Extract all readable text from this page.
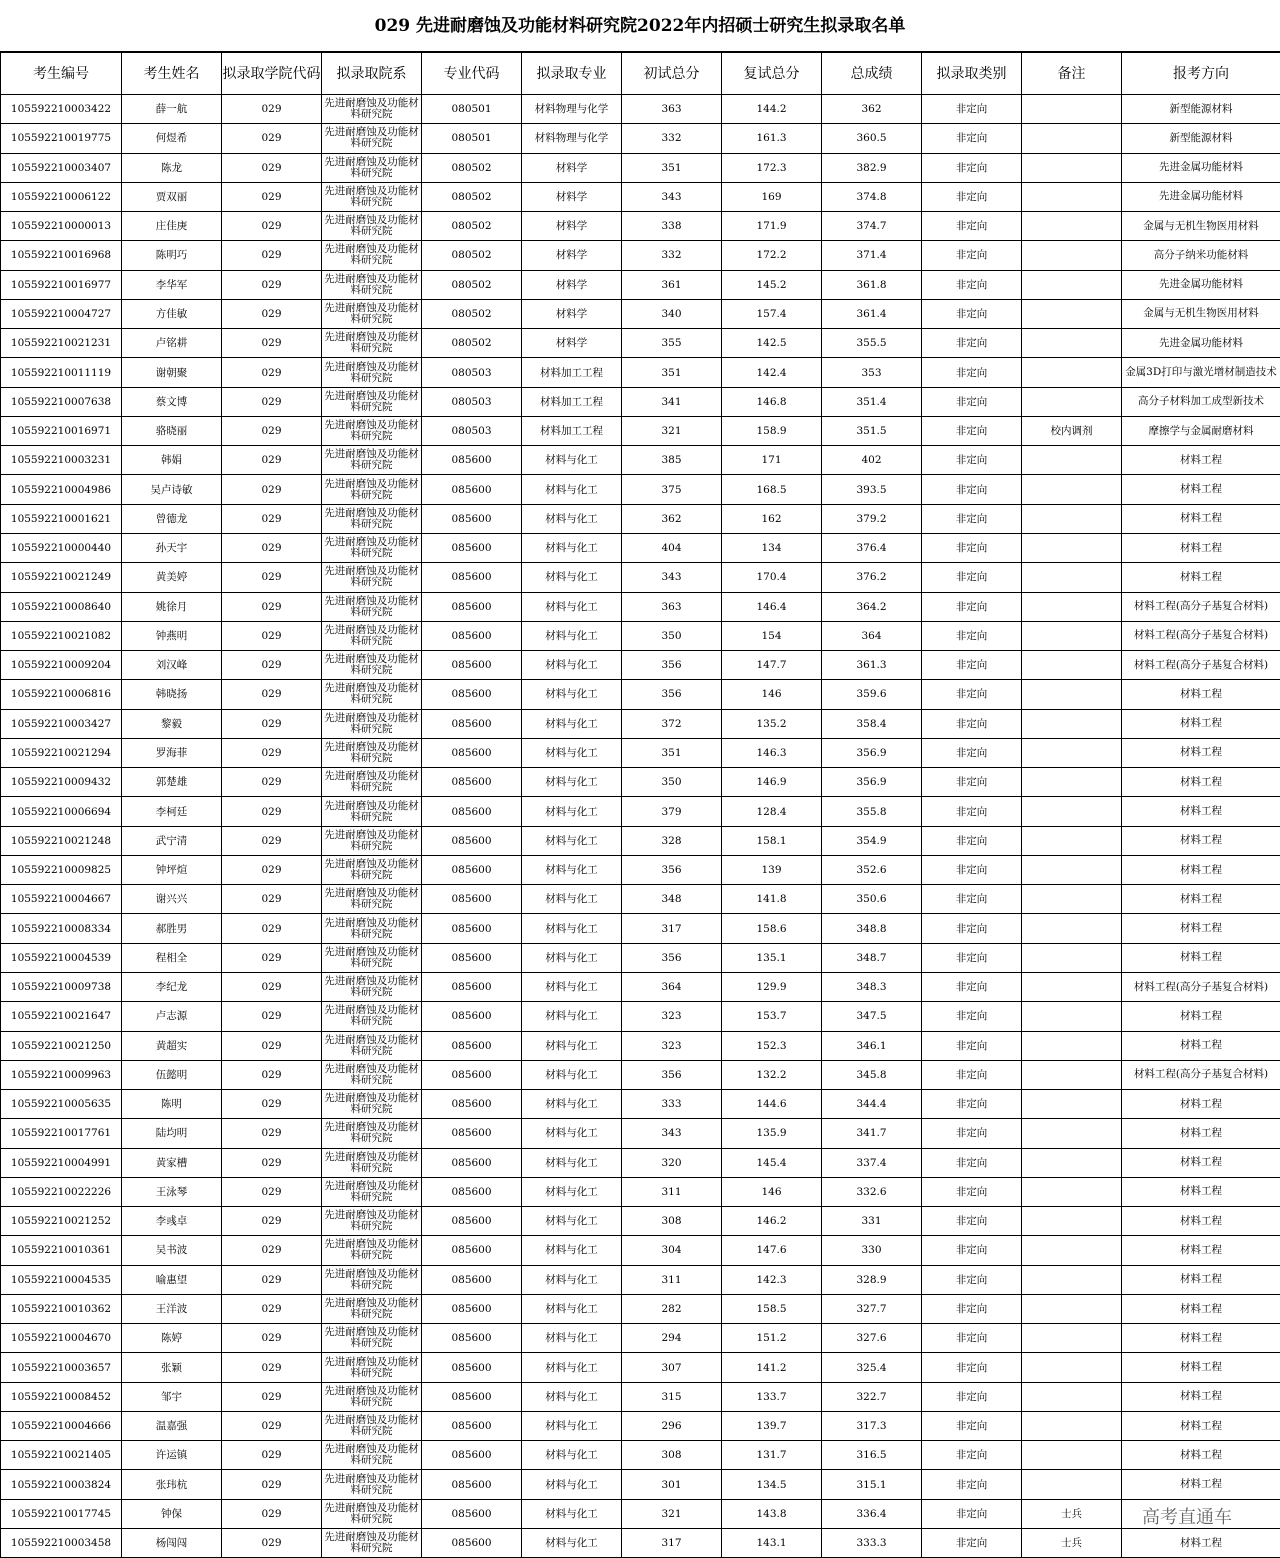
029 先进耐磨蚀及功能材料研究院2022年内招硕士研究生拟录取名单
考生编号	考生姓名	拟录取学院代码	拟录取院系	专业代码	拟录取专业	初试总分	复试总分	总成绩	拟录取类别	备注	报考方向
105592210003422	薛一航	029	先进耐磨蚀及功能材料研究院	080501	材料物理与化学	363	144.2	362	非定向		新型能源材料
105592210019775	何煜希	029	先进耐磨蚀及功能材料研究院	080501	材料物理与化学	332	161.3	360.5	非定向		新型能源材料
105592210003407	陈龙	029	先进耐磨蚀及功能材料研究院	080502	材料学	351	172.3	382.9	非定向		先进金属功能材料
105592210006122	贾双丽	029	先进耐磨蚀及功能材料研究院	080502	材料学	343	169	374.8	非定向		先进金属功能材料
105592210000013	庄佳庚	029	先进耐磨蚀及功能材料研究院	080502	材料学	338	171.9	374.7	非定向		金属与无机生物医用材料
105592210016968	陈明巧	029	先进耐磨蚀及功能材料研究院	080502	材料学	332	172.2	371.4	非定向		高分子纳米功能材料
105592210016977	李华军	029	先进耐磨蚀及功能材料研究院	080502	材料学	361	145.2	361.8	非定向		先进金属功能材料
105592210004727	方佳敏	029	先进耐磨蚀及功能材料研究院	080502	材料学	340	157.4	361.4	非定向		金属与无机生物医用材料
105592210021231	卢铭耕	029	先进耐磨蚀及功能材料研究院	080502	材料学	355	142.5	355.5	非定向		先进金属功能材料
105592210011119	谢朝聚	029	先进耐磨蚀及功能材料研究院	080503	材料加工工程	351	142.4	353	非定向		金属3D打印与激光增材制造技术
105592210007638	蔡文博	029	先进耐磨蚀及功能材料研究院	080503	材料加工工程	341	146.8	351.4	非定向		高分子材料加工成型新技术
105592210016971	骆晓丽	029	先进耐磨蚀及功能材料研究院	080503	材料加工工程	321	158.9	351.5	非定向	校内调剂	摩擦学与金属耐磨材料
105592210003231	韩娟	029	先进耐磨蚀及功能材料研究院	085600	材料与化工	385	171	402	非定向		材料工程
105592210004986	吴卢诗敏	029	先进耐磨蚀及功能材料研究院	085600	材料与化工	375	168.5	393.5	非定向		材料工程
105592210001621	曾德龙	029	先进耐磨蚀及功能材料研究院	085600	材料与化工	362	162	379.2	非定向		材料工程
105592210000440	孙天宇	029	先进耐磨蚀及功能材料研究院	085600	材料与化工	404	134	376.4	非定向		材料工程
105592210021249	黄美婷	029	先进耐磨蚀及功能材料研究院	085600	材料与化工	343	170.4	376.2	非定向		材料工程
105592210008640	姚徐月	029	先进耐磨蚀及功能材料研究院	085600	材料与化工	363	146.4	364.2	非定向		材料工程(高分子基复合材料)
105592210021082	钟燕明	029	先进耐磨蚀及功能材料研究院	085600	材料与化工	350	154	364	非定向		材料工程(高分子基复合材料)
105592210009204	刘汉峰	029	先进耐磨蚀及功能材料研究院	085600	材料与化工	356	147.7	361.3	非定向		材料工程(高分子基复合材料)
105592210006816	韩晓扬	029	先进耐磨蚀及功能材料研究院	085600	材料与化工	356	146	359.6	非定向		材料工程
105592210003427	黎毅	029	先进耐磨蚀及功能材料研究院	085600	材料与化工	372	135.2	358.4	非定向		材料工程
105592210021294	罗海菲	029	先进耐磨蚀及功能材料研究院	085600	材料与化工	351	146.3	356.9	非定向		材料工程
105592210009432	郭楚雄	029	先进耐磨蚀及功能材料研究院	085600	材料与化工	350	146.9	356.9	非定向		材料工程
105592210006694	李柯廷	029	先进耐磨蚀及功能材料研究院	085600	材料与化工	379	128.4	355.8	非定向		材料工程
105592210021248	武宁清	029	先进耐磨蚀及功能材料研究院	085600	材料与化工	328	158.1	354.9	非定向		材料工程
105592210009825	钟坪煊	029	先进耐磨蚀及功能材料研究院	085600	材料与化工	356	139	352.6	非定向		材料工程
105592210004667	谢兴兴	029	先进耐磨蚀及功能材料研究院	085600	材料与化工	348	141.8	350.6	非定向		材料工程
105592210008334	郝胜男	029	先进耐磨蚀及功能材料研究院	085600	材料与化工	317	158.6	348.8	非定向		材料工程
105592210004539	程相全	029	先进耐磨蚀及功能材料研究院	085600	材料与化工	356	135.1	348.7	非定向		材料工程
105592210009738	李纪龙	029	先进耐磨蚀及功能材料研究院	085600	材料与化工	364	129.9	348.3	非定向		材料工程(高分子基复合材料)
105592210021647	卢志源	029	先进耐磨蚀及功能材料研究院	085600	材料与化工	323	153.7	347.5	非定向		材料工程
105592210021250	黄超实	029	先进耐磨蚀及功能材料研究院	085600	材料与化工	323	152.3	346.1	非定向		材料工程
105592210009963	伍懿明	029	先进耐磨蚀及功能材料研究院	085600	材料与化工	356	132.2	345.8	非定向		材料工程(高分子基复合材料)
105592210005635	陈明	029	先进耐磨蚀及功能材料研究院	085600	材料与化工	333	144.6	344.4	非定向		材料工程
105592210017761	陆均明	029	先进耐磨蚀及功能材料研究院	085600	材料与化工	343	135.9	341.7	非定向		材料工程
105592210004991	黄家槽	029	先进耐磨蚀及功能材料研究院	085600	材料与化工	320	145.4	337.4	非定向		材料工程
105592210022226	王泳琴	029	先进耐磨蚀及功能材料研究院	085600	材料与化工	311	146	332.6	非定向		材料工程
105592210021252	李彧卓	029	先进耐磨蚀及功能材料研究院	085600	材料与化工	308	146.2	331	非定向		材料工程
105592210010361	吴书波	029	先进耐磨蚀及功能材料研究院	085600	材料与化工	304	147.6	330	非定向		材料工程
105592210004535	喻惠望	029	先进耐磨蚀及功能材料研究院	085600	材料与化工	311	142.3	328.9	非定向		材料工程
105592210010362	王洋波	029	先进耐磨蚀及功能材料研究院	085600	材料与化工	282	158.5	327.7	非定向		材料工程
105592210004670	陈婷	029	先进耐磨蚀及功能材料研究院	085600	材料与化工	294	151.2	327.6	非定向		材料工程
105592210003657	张颖	029	先进耐磨蚀及功能材料研究院	085600	材料与化工	307	141.2	325.4	非定向		材料工程
105592210008452	邹宇	029	先进耐磨蚀及功能材料研究院	085600	材料与化工	315	133.7	322.7	非定向		材料工程
105592210004666	温嘉强	029	先进耐磨蚀及功能材料研究院	085600	材料与化工	296	139.7	317.3	非定向		材料工程
105592210021405	许运镇	029	先进耐磨蚀及功能材料研究院	085600	材料与化工	308	131.7	316.5	非定向		材料工程
105592210003824	张玮杭	029	先进耐磨蚀及功能材料研究院	085600	材料与化工	301	134.5	315.1	非定向		材料工程
105592210017745	钟保	029	先进耐磨蚀及功能材料研究院	085600	材料与化工	321	143.8	336.4	非定向	士兵	
105592210003458	杨闯闯	029	先进耐磨蚀及功能材料研究院	085600	材料与化工	317	143.1	333.3	非定向	士兵	材料工程
高考直通车
